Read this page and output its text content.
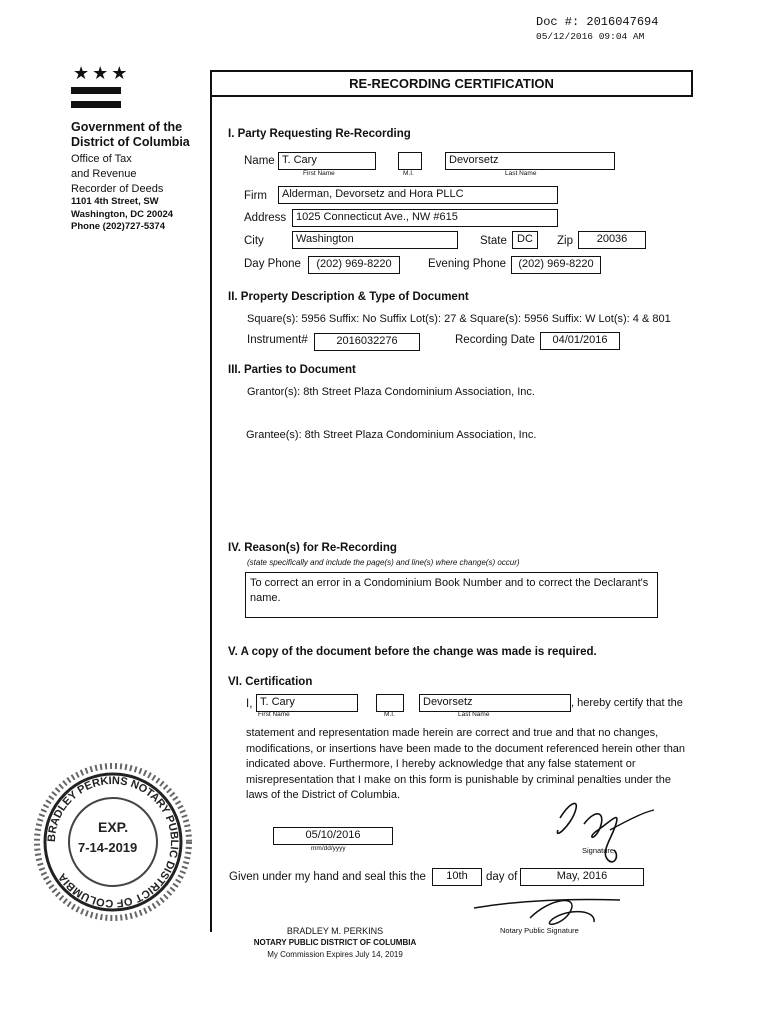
Doc #: 2016047694
05/12/2016 09:04 AM
★★★
Government of the District of Columbia
Office of Tax
and Revenue
Recorder of Deeds
1101 4th Street, SW
Washington, DC 20024
Phone (202)727-5374
RE-RECORDING CERTIFICATION
I. Party Requesting Re-Recording
Name T. Cary	Devorsetz
First Name	M.I.	Last Name
Firm	Alderman, Devorsetz and Hora PLLC
Address 1025 Connecticut Ave., NW #615
City	Washington	State DC	Zip	20036
Day Phone	(202) 969-8220	Evening Phone	(202) 969-8220
II. Property Description & Type of Document
Square(s): 5956 Suffix: No Suffix Lot(s): 27 & Square(s): 5956 Suffix: W Lot(s): 4 & 801
Instrument#	2016032276	Recording Date	04/01/2016
III. Parties to Document
Grantor(s): 8th Street Plaza Condominium Association, Inc.
Grantee(s): 8th Street Plaza Condominium Association, Inc.
IV. Reason(s) for Re-Recording
(state specifically and include the page(s) and line(s) where change(s) occur)
To correct an error in a Condominium Book Number and to correct the Declarant's name.
V. A copy of the document before the change was made is required.
VI. Certification
I, T. Cary	Devorsetz	, hereby certify that the
First Name	M.I.	Last Name
statement and representation made herein are correct and true and that no changes, modifications, or insertions have been made to the document referenced herein other than indicated above. Furthermore, I hereby acknowledge that any false statement or misrepresentation that I make on this form is punishable by criminal penalties under the laws of the District of Columbia.
05/10/2016
mm/dd/yyyy	Signature
Given under my hand and seal this the	10th	day of	May, 2016
Notary Public Signature
BRADLEY M. PERKINS
NOTARY PUBLIC DISTRICT OF COLUMBIA
My Commission Expires July 14, 2019
BRADLEY PERKINS NOTARY PUBLIC DISTRICT OF COLUMBIA
EXP.
7-14-2019
